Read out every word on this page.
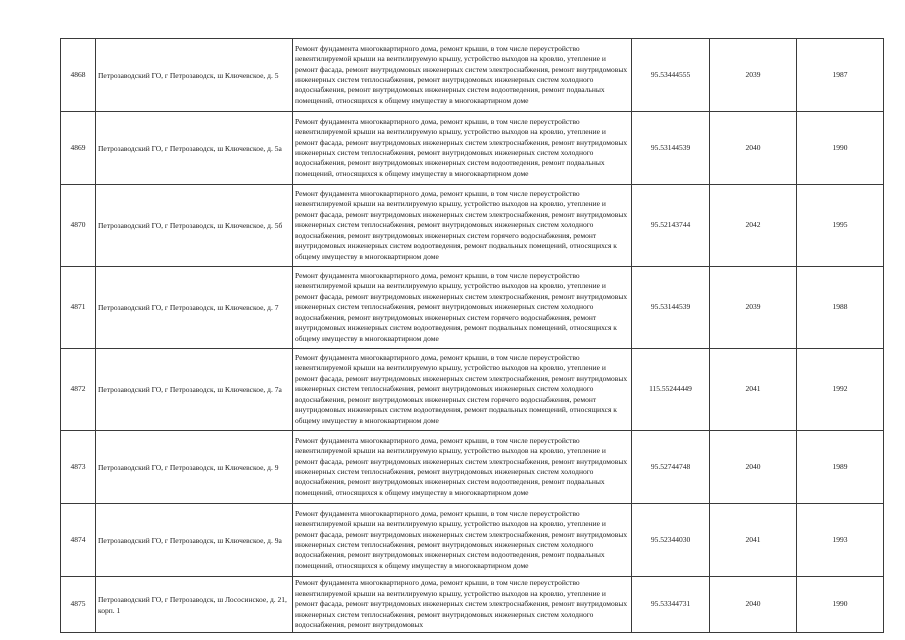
4868	Петрозаводский ГО, г Петрозаводск, ш Ключевское, д. 5	Ремонт фундамента многоквартирного дома, ремонт крыши, в том числе переустройство невентилируемой крыши на вентилируемую крышу, устройство выходов на кровлю, утепление и ремонт фасада, ремонт внутридомовых инженерных систем электроснабжения, ремонт внутридомовых инженерных систем теплоснабжения, ремонт внутридомовых инженерных систем холодного водоснабжения, ремонт внутридомовых инженерных систем водоотведения, ремонт подвальных помещений, относящихся к общему имуществу в многоквартирном доме	95.53444555	2039	1987
4869	Петрозаводский ГО, г Петрозаводск, ш Ключевское, д. 5а	Ремонт фундамента многоквартирного дома, ремонт крыши, в том числе переустройство невентилируемой крыши на вентилируемую крышу, устройство выходов на кровлю, утепление и ремонт фасада, ремонт внутридомовых инженерных систем электроснабжения, ремонт внутридомовых инженерных систем теплоснабжения, ремонт внутридомовых инженерных систем холодного водоснабжения, ремонт внутридомовых инженерных систем водоотведения, ремонт подвальных помещений, относящихся к общему имуществу в многоквартирном доме	95.53144539	2040	1990
4870	Петрозаводский ГО, г Петрозаводск, ш Ключевское, д. 5б	Ремонт фундамента многоквартирного дома, ремонт крыши, в том числе переустройство невентилируемой крыши на вентилируемую крышу, устройство выходов на кровлю, утепление и ремонт фасада, ремонт внутридомовых инженерных систем электроснабжения, ремонт внутридомовых инженерных систем теплоснабжения, ремонт внутридомовых инженерных систем холодного водоснабжения, ремонт внутридомовых инженерных систем горячего водоснабжения, ремонт внутридомовых инженерных систем водоотведения, ремонт подвальных помещений, относящихся к общему имуществу в многоквартирном доме	95.52143744	2042	1995
4871	Петрозаводский ГО, г Петрозаводск, ш Ключевское, д. 7	Ремонт фундамента многоквартирного дома, ремонт крыши, в том числе переустройство невентилируемой крыши на вентилируемую крышу, устройство выходов на кровлю, утепление и ремонт фасада, ремонт внутридомовых инженерных систем электроснабжения, ремонт внутридомовых инженерных систем теплоснабжения, ремонт внутридомовых инженерных систем холодного водоснабжения, ремонт внутридомовых инженерных систем горячего водоснабжения, ремонт внутридомовых инженерных систем водоотведения, ремонт подвальных помещений, относящихся к общему имуществу в многоквартирном доме	95.53144539	2039	1988
4872	Петрозаводский ГО, г Петрозаводск, ш Ключевское, д. 7а	Ремонт фундамента многоквартирного дома, ремонт крыши, в том числе переустройство невентилируемой крыши на вентилируемую крышу, устройство выходов на кровлю, утепление и ремонт фасада, ремонт внутридомовых инженерных систем электроснабжения, ремонт внутридомовых инженерных систем теплоснабжения, ремонт внутридомовых инженерных систем холодного водоснабжения, ремонт внутридомовых инженерных систем горячего водоснабжения, ремонт внутридомовых инженерных систем водоотведения, ремонт подвальных помещений, относящихся к общему имуществу в многоквартирном доме	115.55244449	2041	1992
4873	Петрозаводский ГО, г Петрозаводск, ш Ключевское, д. 9	Ремонт фундамента многоквартирного дома, ремонт крыши, в том числе переустройство невентилируемой крыши на вентилируемую крышу, устройство выходов на кровлю, утепление и ремонт фасада, ремонт внутридомовых инженерных систем электроснабжения, ремонт внутридомовых инженерных систем теплоснабжения, ремонт внутридомовых инженерных систем холодного водоснабжения, ремонт внутридомовых инженерных систем водоотведения, ремонт подвальных помещений, относящихся к общему имуществу в многоквартирном доме	95.52744748	2040	1989
4874	Петрозаводский ГО, г Петрозаводск, ш Ключевское, д. 9а	Ремонт фундамента многоквартирного дома, ремонт крыши, в том числе переустройство невентилируемой крыши на вентилируемую крышу, устройство выходов на кровлю, утепление и ремонт фасада, ремонт внутридомовых инженерных систем электроснабжения, ремонт внутридомовых инженерных систем теплоснабжения, ремонт внутридомовых инженерных систем холодного водоснабжения, ремонт внутридомовых инженерных систем водоотведения, ремонт подвальных помещений, относящихся к общему имуществу в многоквартирном доме	95.52344030	2041	1993
4875	Петрозаводский ГО, г Петрозаводск, ш Лососинское, д. 21, корп. 1	Ремонт фундамента многоквартирного дома, ремонт крыши, в том числе переустройство невентилируемой крыши на вентилируемую крышу, устройство выходов на кровлю, утепление и ремонт фасада, ремонт внутридомовых инженерных систем электроснабжения, ремонт внутридомовых инженерных систем теплоснабжения, ремонт внутридомовых инженерных систем холодного водоснабжения, ремонт внутридомовых	95.53344731	2040	1990
